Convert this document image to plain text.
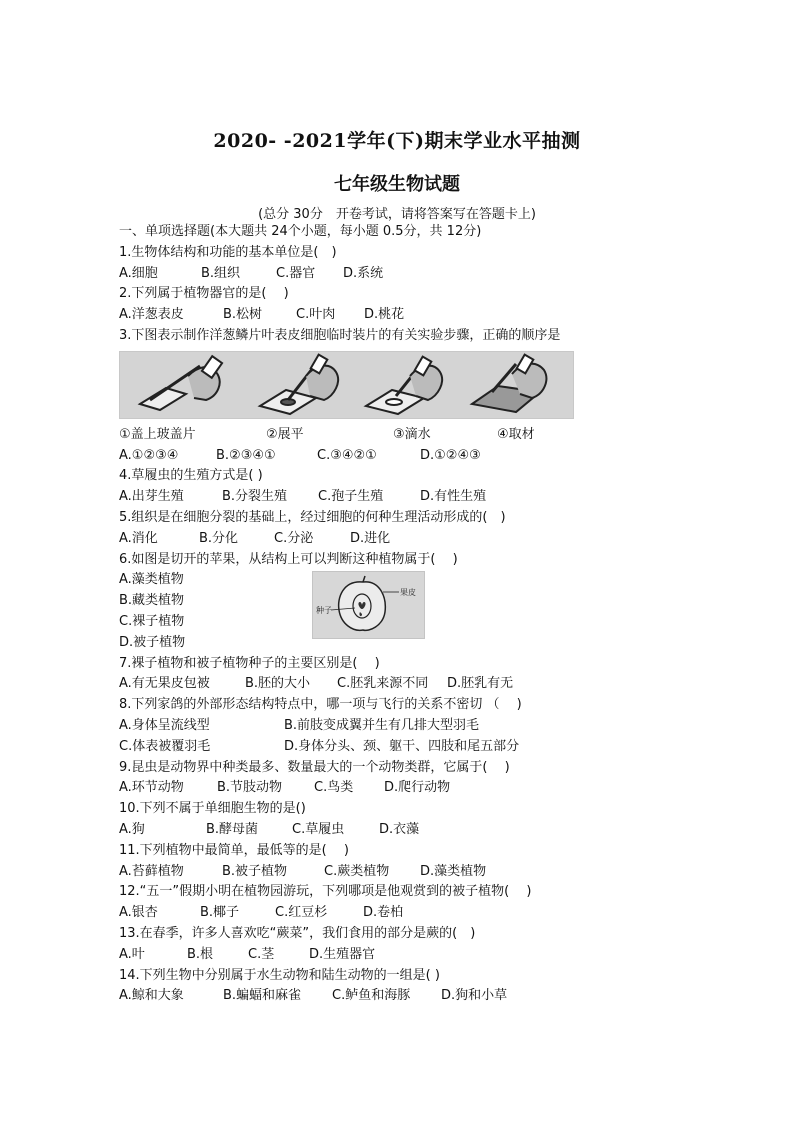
2020- -2021学年(下)期末学业水平抽测
七年级生物试题
(总分 30分　开卷考试，请将答案写在答题卡上)
一、单项选择题(本大题共 24个小题，每小题 0.5分，共 12分)
1.生物体结构和功能的基本单位是(　)
A.细胞	B.组织	C.器官	D.系统
2.下列属于植物器官的是(　 )
A.洋葱表皮	B.松树	C.叶肉	D.桃花
3.下图表示制作洋葱鳞片叶表皮细胞临时装片的有关实验步骤，正确的顺序是
①盖上玻盖片	②展平	③滴水	④取材
A.①②③④	B.②③④①	C.③④②①	D.①②④③
4.草履虫的生殖方式是( )
A.出芽生殖	B.分裂生殖	C.孢子生殖	D.有性生殖
5.组织是在细胞分裂的基础上，经过细胞的何种生理活动形成的(　)
A.消化	B.分化	C.分泌	D.进化
6.如图是切开的苹果，从结构上可以判断这种植物属于(　 )
A.藻类植物
B.藏类植物
C.裸子植物
D.被子植物
种子
果皮
7.裸子植物和被子植物种子的主要区别是(　 )
A.有无果皮包被	B.胚的大小	C.胚乳来源不同	D.胚乳有无
8.下列家鸽的外部形态结构特点中，哪一项与飞行的关系不密切 （　 )
A.身体呈流线型	B.前肢变成翼并生有几排大型羽毛
C.体表被覆羽毛	D.身体分头、颈、躯干、四肢和尾五部分
9.昆虫是动物界中种类最多、数量最大的一个动物类群，它属于(　 )
A.环节动物	B.节肢动物	C.鸟类	D.爬行动物
10.下列不属于单细胞生物的是()
A.狗	B.酵母菌	C.草履虫	D.衣藻
11.下列植物中最简单，最低等的是(　 )
A.苔藓植物	B.被子植物	C.蕨类植物	D.藻类植物
12.“五一”假期小明在植物园游玩，下列哪项是他观赏到的被子植物(　 )
A.银杏	B.椰子	C.红豆杉	D.卷柏
13.在春季，许多人喜欢吃“蕨菜”，我们食用的部分是蕨的(　)
A.叶	B.根	C.茎	D.生殖器官
14.下列生物中分别属于水生动物和陆生动物的一组是( )
A.鲸和大象	B.蝙蝠和麻雀	C.鲈鱼和海豚	D.狗和小草
